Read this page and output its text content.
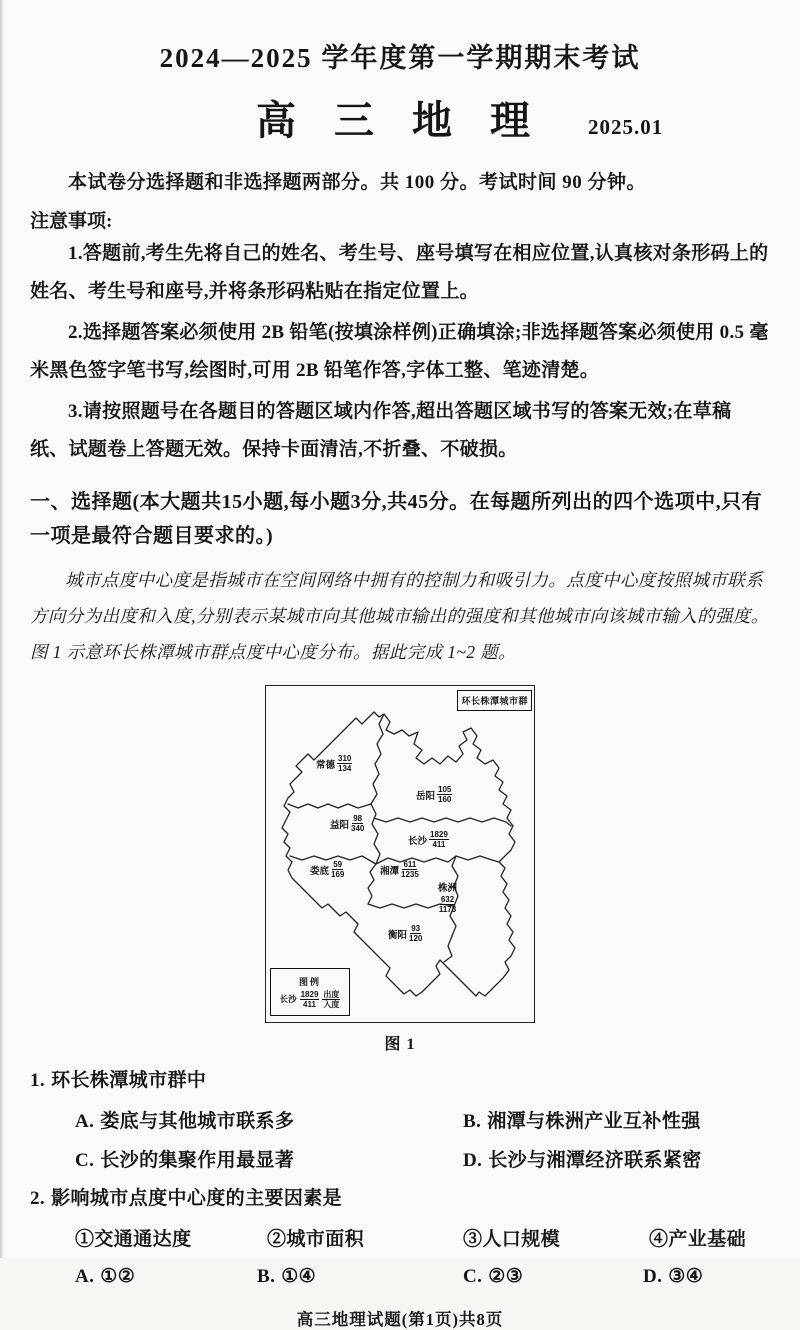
2024—2025 学年度第一学期期末考试
高 三 地 理	2025.01
本试卷分选择题和非选择题两部分。共 100 分。考试时间 90 分钟。
注意事项:

1.答题前,考生先将自己的姓名、考生号、座号填写在相应位置,认真核对条形码上的姓名、考生号和座号,并将条形码粘贴在指定位置上。

2.选择题答案必须使用 2B 铅笔(按填涂样例)正确填涂;非选择题答案必须使用 0.5 毫米黑色签字笔书写,绘图时,可用 2B 铅笔作答,字体工整、笔迹清楚。

3.请按照题号在各题目的答题区域内作答,超出答题区域书写的答案无效;在草稿纸、试题卷上答题无效。保持卡面清洁,不折叠、不破损。

一、选择题(本大题共15小题,每小题3分,共45分。在每题所列出的四个选项中,只有一项是最符合题目要求的。)
城市点度中心度是指城市在空间网络中拥有的控制力和吸引力。点度中心度按照城市联系方向分为出度和入度,分别表示某城市向其他城市输出的强度和其他城市向该城市输入的强度。图 1 示意环长株潭城市群点度中心度分布。据此完成 1~2 题。
环长株潭城市群
常德 $\frac{310}{134}$
岳阳 $\frac{105}{160}$
益阳 $\frac{98}{340}$
长沙 $\frac{1829}{411}$
娄底 $\frac{59}{169}$	湘潭 $\frac{611}{1235}$
株洲
$\frac{632}{1173}$
衡阳 $\frac{93}{120}$
图例
长沙 $\frac{1829}{411} \frac{\text{出度}}{\text{入度}}$
图 1
1. 环长株潭城市群中
A. 娄底与其他城市联系多	B. 湘潭与株洲产业互补性强
C. 长沙的集聚作用最显著	D. 长沙与湘潭经济联系紧密
2. 影响城市点度中心度的主要因素是
①交通通达度	②城市面积	③人口规模	④产业基础
A. ①②	B. ①④	C. ②③	D. ③④
高三地理试题(第1页)共8页
